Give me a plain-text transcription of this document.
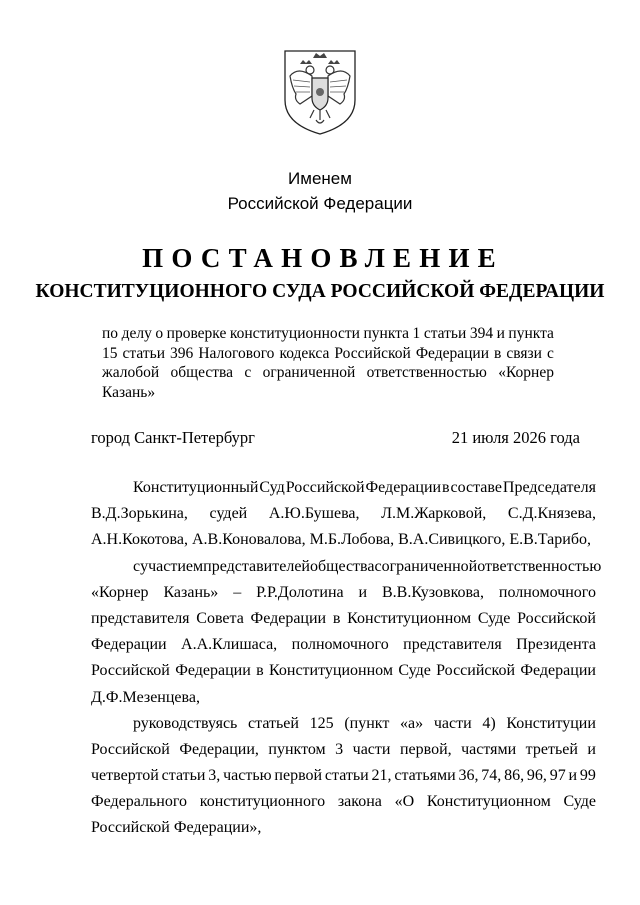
Именем
Российской Федерации
ПОСТАНОВЛЕНИЕ
КОНСТИТУЦИОННОГО СУДА РОССИЙСКОЙ ФЕДЕРАЦИИ
по делу о проверке конституционности пункта 1 статьи 394 и пункта
15 статьи 396 Налогового кодекса Российской Федерации в связи с
жалобой общества с ограниченной ответственностью «Корнер
Казань»
город Санкт-Петербург	21 июля 2026 года
Конституционный Суд Российской Федерации в составе Председателя
В.Д.Зорькина, судей А.Ю.Бушева, Л.М.Жарковой, С.Д.Князева,
А.Н.Кокотова, А.В.Коновалова, М.Б.Лобова, В.А.Сивицкого, Е.В.Тарибо,
с участием представителей общества с ограниченной ответственностью
«Корнер Казань» – Р.Р.Долотина и В.В.Кузовкова, полномочного
представителя Совета Федерации в Конституционном Суде Российской
Федерации А.А.Клишаса, полномочного представителя Президента
Российской Федерации в Конституционном Суде Российской Федерации
Д.Ф.Мезенцева,
руководствуясь статьей 125 (пункт «а» части 4) Конституции
Российской Федерации, пунктом 3 части первой, частями третьей и
четвертой статьи 3, частью первой статьи 21, статьями 36, 74, 86, 96, 97 и 99
Федерального конституционного закона «О Конституционном Суде
Российской Федерации»,
